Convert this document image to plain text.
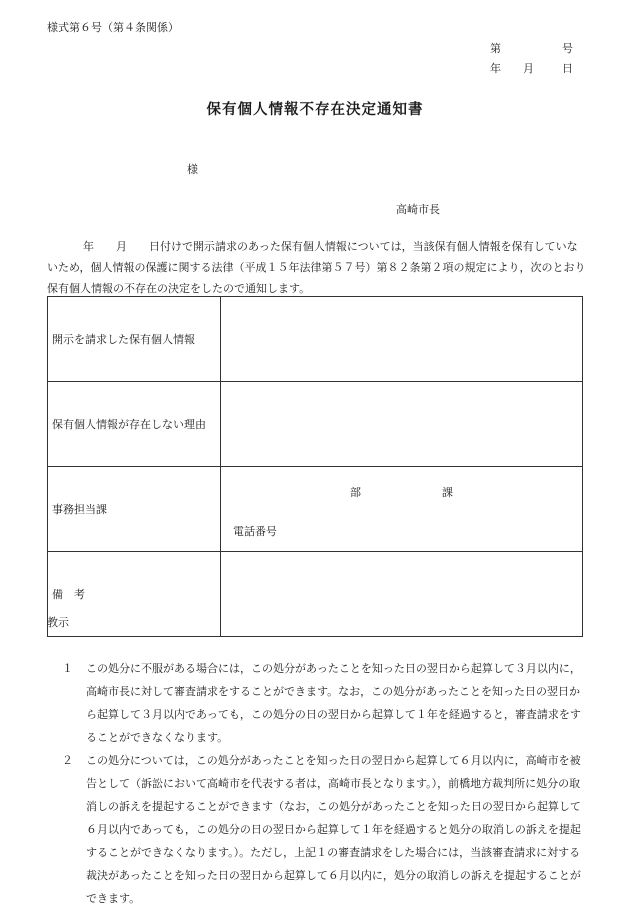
様式第６号（第４条関係）
第	号
年 月	日
保有個人情報不存在決定通知書
様
高崎市長
年 月 日付けで開示請求のあった保有個人情報については，当該保有個人情報を保有していないため，個人情報の保護に関する法律（平成１５年法律第５７号）第８２条第２項の規定により，次のとおり保有個人情報の不存在の決定をしたので通知します。
開示を請求した保有個人情報	
保有個人情報が存在しない理由	
事務担当課	部 課
電話番号

備　考	
教示
１	この処分に不服がある場合には，この処分があったことを知った日の翌日から起算して３月以内に，高崎市長に対して審査請求をすることができます。なお，この処分があったことを知った日の翌日から起算して３月以内であっても，この処分の日の翌日から起算して１年を経過すると，審査請求をすることができなくなります。
２	この処分については，この処分があったことを知った日の翌日から起算して６月以内に，高崎市を被告として（訴訟において高崎市を代表する者は，高崎市長となります。），前橋地方裁判所に処分の取消しの訴えを提起することができます（なお，この処分があったことを知った日の翌日から起算して６月以内であっても，この処分の日の翌日から起算して１年を経過すると処分の取消しの訴えを提起することができなくなります。）。ただし，上記１の審査請求をした場合には，当該審査請求に対する裁決があったことを知った日の翌日から起算して６月以内に，処分の取消しの訴えを提起することができます。
